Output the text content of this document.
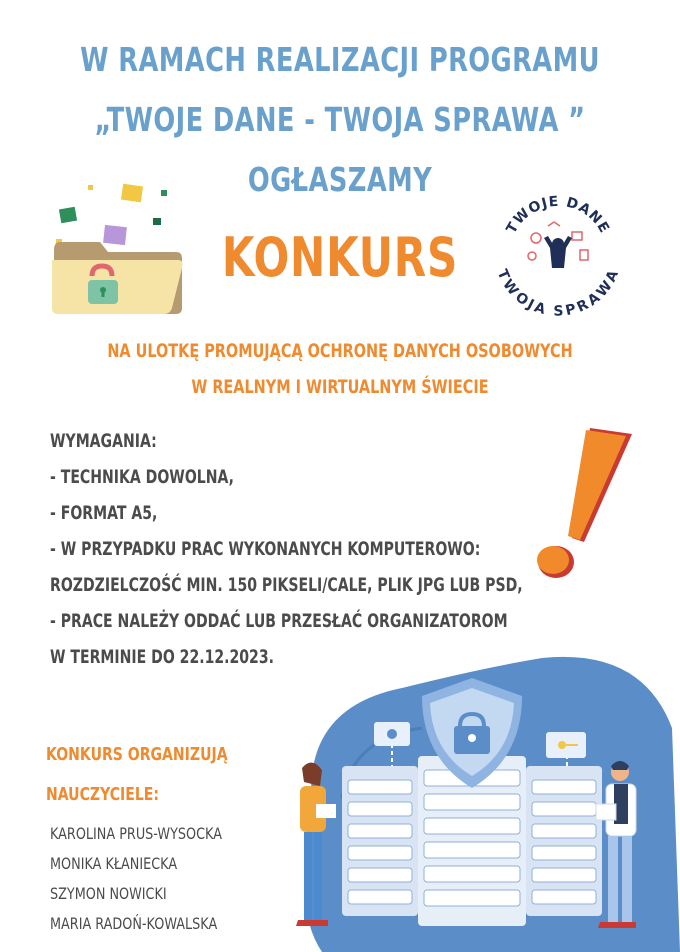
W RAMACH REALIZACJI PROGRAMU
„TWOJE DANE - TWOJA SPRAWA ”
OGŁASZAMY
KONKURS	TWOJE DANE
TWOJA SPRAWA
NA ULOTKĘ PROMUJĄCĄ OCHRONĘ DANYCH OSOBOWYCH
W REALNYM I WIRTUALNYM ŚWIECIE
WYMAGANIA:
- TECHNIKA DOWOLNA,
- FORMAT A5,
- W PRZYPADKU PRAC WYKONANYCH KOMPUTEROWO:
ROZDZIELCZOŚĆ MIN. 150 PIKSELI/CALE, PLIK JPG LUB PSD,
- PRACE NALEŻY ODDAĆ LUB PRZESŁAĆ ORGANIZATOROM
W TERMINIE DO 22.12.2023.
KONKURS ORGANIZUJĄ
NAUCZYCIELE:
KAROLINA PRUS-WYSOCKA
MONIKA KŁANIECKA
SZYMON NOWICKI
MARIA RADOŃ-KOWALSKA
